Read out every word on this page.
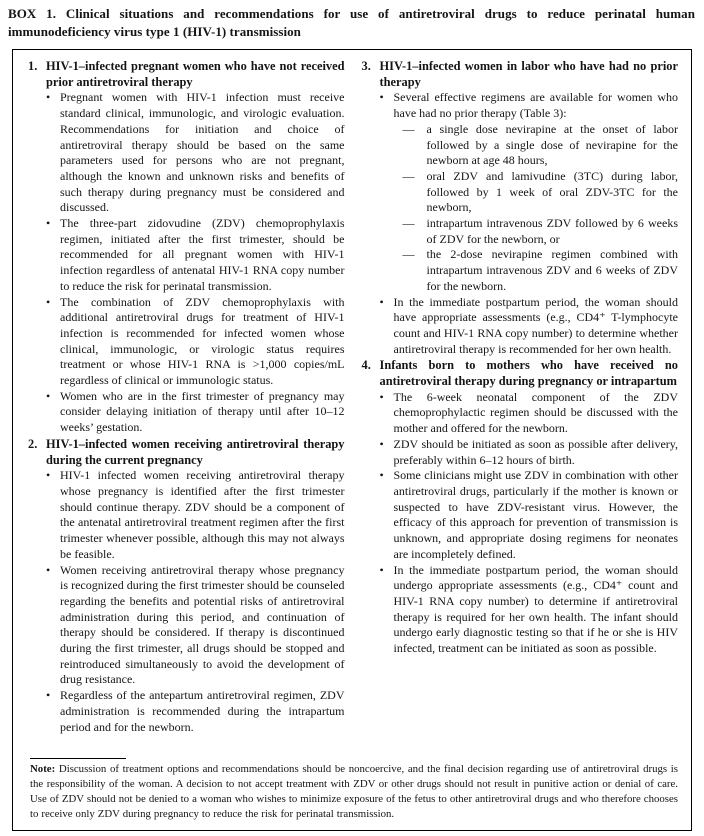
BOX 1. Clinical situations and recommendations for use of antiretroviral drugs to reduce perinatal human immunodeficiency virus type 1 (HIV-1) transmission
1. HIV-1–infected pregnant women who have not received prior antiretroviral therapy
• Pregnant women with HIV-1 infection must receive standard clinical, immunologic, and virologic evaluation. Recommendations for initiation and choice of antiretroviral therapy should be based on the same parameters used for persons who are not pregnant, although the known and unknown risks and benefits of such therapy during pregnancy must be considered and discussed.
• The three-part zidovudine (ZDV) chemoprophylaxis regimen, initiated after the first trimester, should be recommended for all pregnant women with HIV-1 infection regardless of antenatal HIV-1 RNA copy number to reduce the risk for perinatal transmission.
• The combination of ZDV chemoprophylaxis with additional antiretroviral drugs for treatment of HIV-1 infection is recommended for infected women whose clinical, immunologic, or virologic status requires treatment or whose HIV-1 RNA is >1,000 copies/mL regardless of clinical or immunologic status.
• Women who are in the first trimester of pregnancy may consider delaying initiation of therapy until after 10–12 weeks’ gestation.
2. HIV-1–infected women receiving antiretroviral therapy during the current pregnancy
• HIV-1 infected women receiving antiretroviral therapy whose pregnancy is identified after the first trimester should continue therapy. ZDV should be a component of the antenatal antiretroviral treatment regimen after the first trimester whenever possible, although this may not always be feasible.
• Women receiving antiretroviral therapy whose pregnancy is recognized during the first trimester should be counseled regarding the benefits and potential risks of antiretroviral administration during this period, and continuation of therapy should be considered. If therapy is discontinued during the first trimester, all drugs should be stopped and reintroduced simultaneously to avoid the development of drug resistance.
• Regardless of the antepartum antiretroviral regimen, ZDV administration is recommended during the intrapartum period and for the newborn.
3. HIV-1–infected women in labor who have had no prior therapy
• Several effective regimens are available for women who have had no prior therapy (Table 3):
—	a single dose nevirapine at the onset of labor followed by a single dose of nevirapine for the newborn at age 48 hours,
—	oral ZDV and lamivudine (3TC) during labor, followed by 1 week of oral ZDV-3TC for the newborn,
—	intrapartum intravenous ZDV followed by 6 weeks of ZDV for the newborn, or
—	the 2-dose nevirapine regimen combined with intrapartum intravenous ZDV and 6 weeks of ZDV for the newborn.
• In the immediate postpartum period, the woman should have appropriate assessments (e.g., CD4⁺ T-lymphocyte count and HIV-1 RNA copy number) to determine whether antiretroviral therapy is recommended for her own health.
4. Infants born to mothers who have received no antiretroviral therapy during pregnancy or intrapartum
• The 6-week neonatal component of the ZDV chemoprophylactic regimen should be discussed with the mother and offered for the newborn.
• ZDV should be initiated as soon as possible after delivery, preferably within 6–12 hours of birth.
• Some clinicians might use ZDV in combination with other antiretroviral drugs, particularly if the mother is known or suspected to have ZDV-resistant virus. However, the efficacy of this approach for prevention of transmission is unknown, and appropriate dosing regimens for neonates are incompletely defined.
• In the immediate postpartum period, the woman should undergo appropriate assessments (e.g., CD4⁺ count and HIV-1 RNA copy number) to determine if antiretroviral therapy is required for her own health. The infant should undergo early diagnostic testing so that if he or she is HIV infected, treatment can be initiated as soon as possible.

Note: Discussion of treatment options and recommendations should be noncoercive, and the final decision regarding use of antiretroviral drugs is the responsibility of the woman. A decision to not accept treatment with ZDV or other drugs should not result in punitive action or denial of care. Use of ZDV should not be denied to a woman who wishes to minimize exposure of the fetus to other antiretroviral drugs and who therefore chooses to receive only ZDV during pregnancy to reduce the risk for perinatal transmission.
